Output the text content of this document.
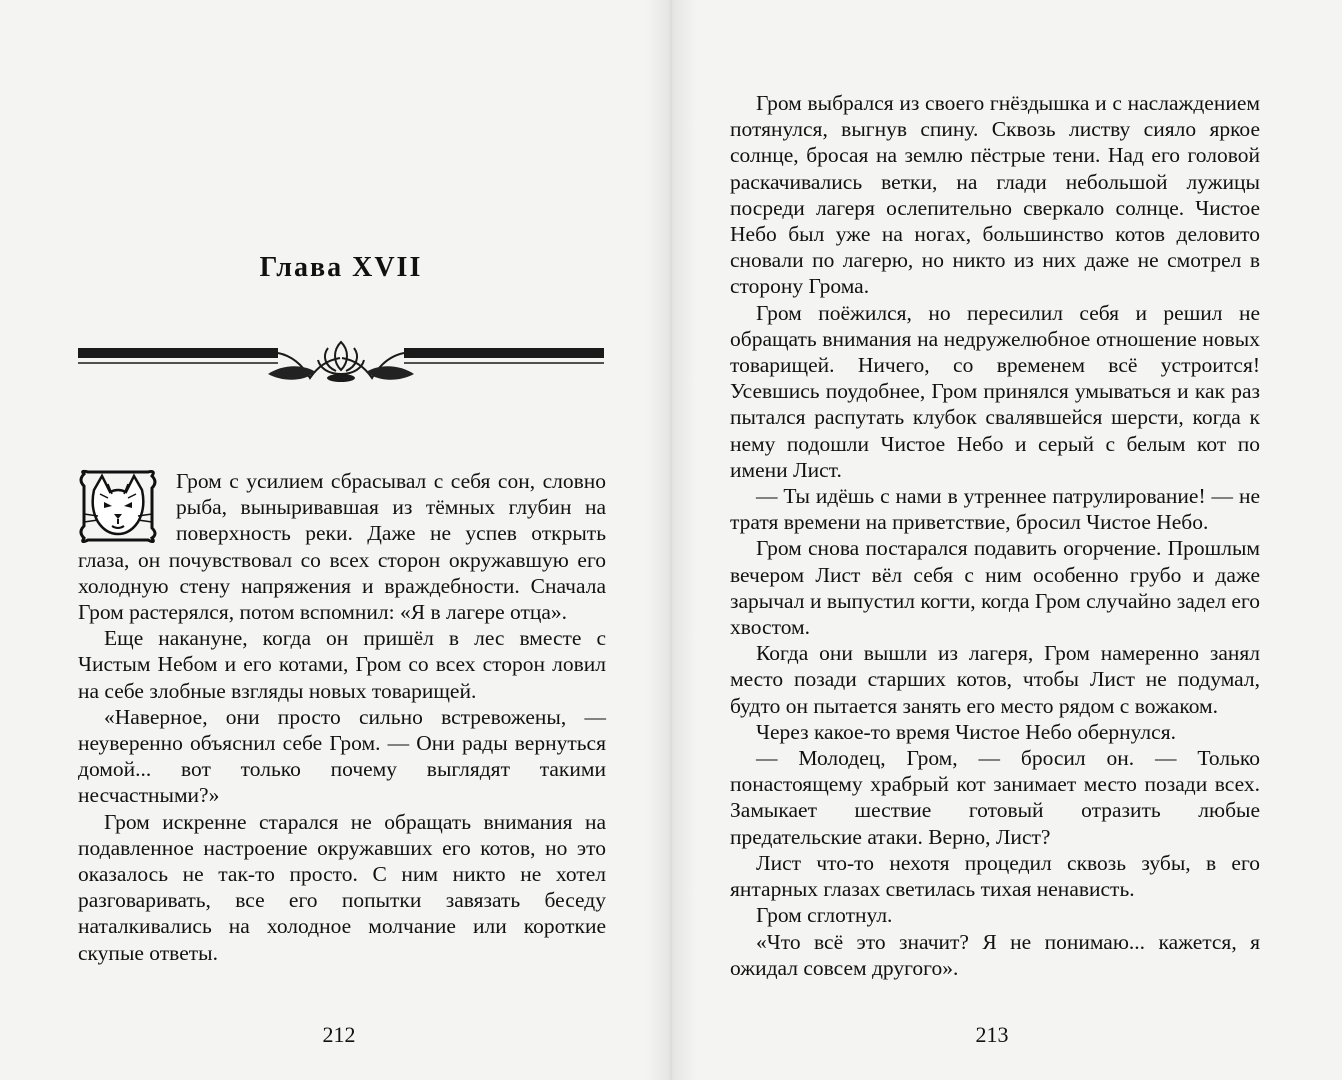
Глава XVII

Гром с усилием сбрасывал с себя сон, словно рыба, выныривавшая из тёмных глубин на поверхность реки. Даже не успев открыть глаза, он почувствовал со всех сторон окружавшую его холодную стену напряжения и враждебности. Сначала Гром растерялся, потом вспомнил: «Я в лагере отца».

Еще накануне, когда он пришёл в лес вместе с Чистым Небом и его котами, Гром со всех сторон ловил на себе злобные взгляды новых товарищей.

«Наверное, они просто сильно встревожены, — неуверенно объяснил себе Гром. — Они рады вернуться домой... вот только почему выглядят такими несчастными?»

Гром искренне старался не обращать внимания на подавленное настроение окружавших его котов, но это оказалось не так-то просто. С ним никто не хотел разговаривать, все его попытки завязать беседу наталкивались на холодное молчание или короткие скупые ответы.

212

Гром выбрался из своего гнёздышка и с наслаждением потянулся, выгнув спину. Сквозь листву сияло яркое солнце, бросая на землю пёстрые тени. Над его головой раскачивались ветки, на глади небольшой лужицы посреди лагеря ослепительно сверкало солнце. Чистое Небо был уже на ногах, большинство котов деловито сновали по лагерю, но никто из них даже не смотрел в сторону Грома.

Гром поёжился, но пересилил себя и решил не обращать внимания на недружелюбное отношение новых товарищей. Ничего, со временем всё устроится! Усевшись поудобнее, Гром принялся умываться и как раз пытался распутать клубок свалявшейся шерсти, когда к нему подошли Чистое Небо и серый с белым кот по имени Лист.

— Ты идёшь с нами в утреннее патрулирование! — не тратя времени на приветствие, бросил Чистое Небо.

Гром снова постарался подавить огорчение. Прошлым вечером Лист вёл себя с ним особенно грубо и даже зарычал и выпустил когти, когда Гром случайно задел его хвостом.

Когда они вышли из лагеря, Гром намеренно занял место позади старших котов, чтобы Лист не подумал, будто он пытается занять его место рядом с вожаком.

Через какое-то время Чистое Небо обернулся.

— Молодец, Гром, — бросил он. — Только понастоящему храбрый кот занимает место позади всех. Замыкает шествие готовый отразить любые предательские атаки. Верно, Лист?

Лист что-то нехотя процедил сквозь зубы, в его янтарных глазах светилась тихая ненависть.

Гром сглотнул.

«Что всё это значит? Я не понимаю... кажется, я ожидал совсем другого».

213
